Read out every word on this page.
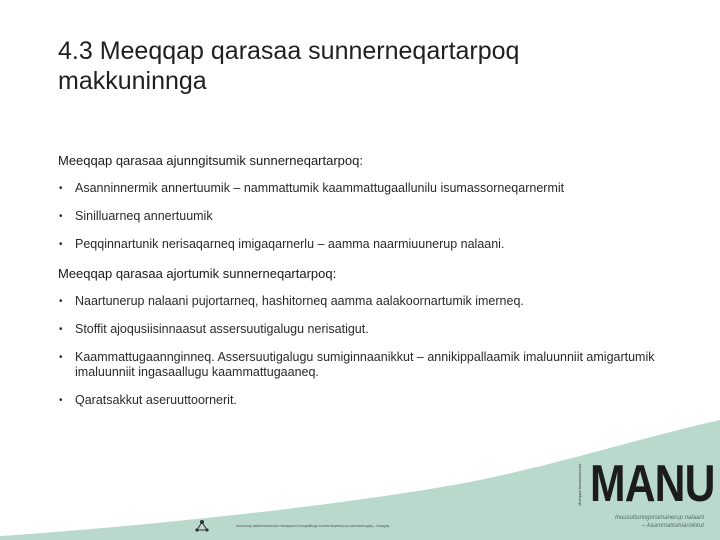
4.3 Meeqqap qarasaa sunnerneqartarpoq makkuninnga

Meeqqap qarasaa ajunngitsumik sunnerneqartarpoq:

• Asanninnermik annertuumik – nammattumik kaammattugaallunilu isumassorneqarnermit
• Sinilluarneq annertuumik
• Peqqinnartunik nerisaqarneq imigaqarnerlu – aamma naarmiuunerup nalaani.

Meeqqap qarasaa ajortumik sunnerneqartarpoq:

• Naartunerup nalaani pujortarneq, hashitorneq aamma aalakoornartumik imerneq.
• Stoffit ajoqusiisinnaasut assersuutigalugu nerisatigut.
• Kaammattugaannginneq. Assersuutigalugu sumiginnaanikkut – annikippallaamik imaluunniit amigartumik imaluunniit ingasaallugu kaammattugaaneq.
• Qaratsakkut aseruuttoornerit.
Inuunerup aallarnisarnerani meeqqanut tunngatillugu sunnerneqartarpoq nalunaarsugaq – Atuagaq
Meeqqat Ataatsimoortut MANU
Inuusuttunngorsimanerup nalaani
– kaammattuiniarnikkut
